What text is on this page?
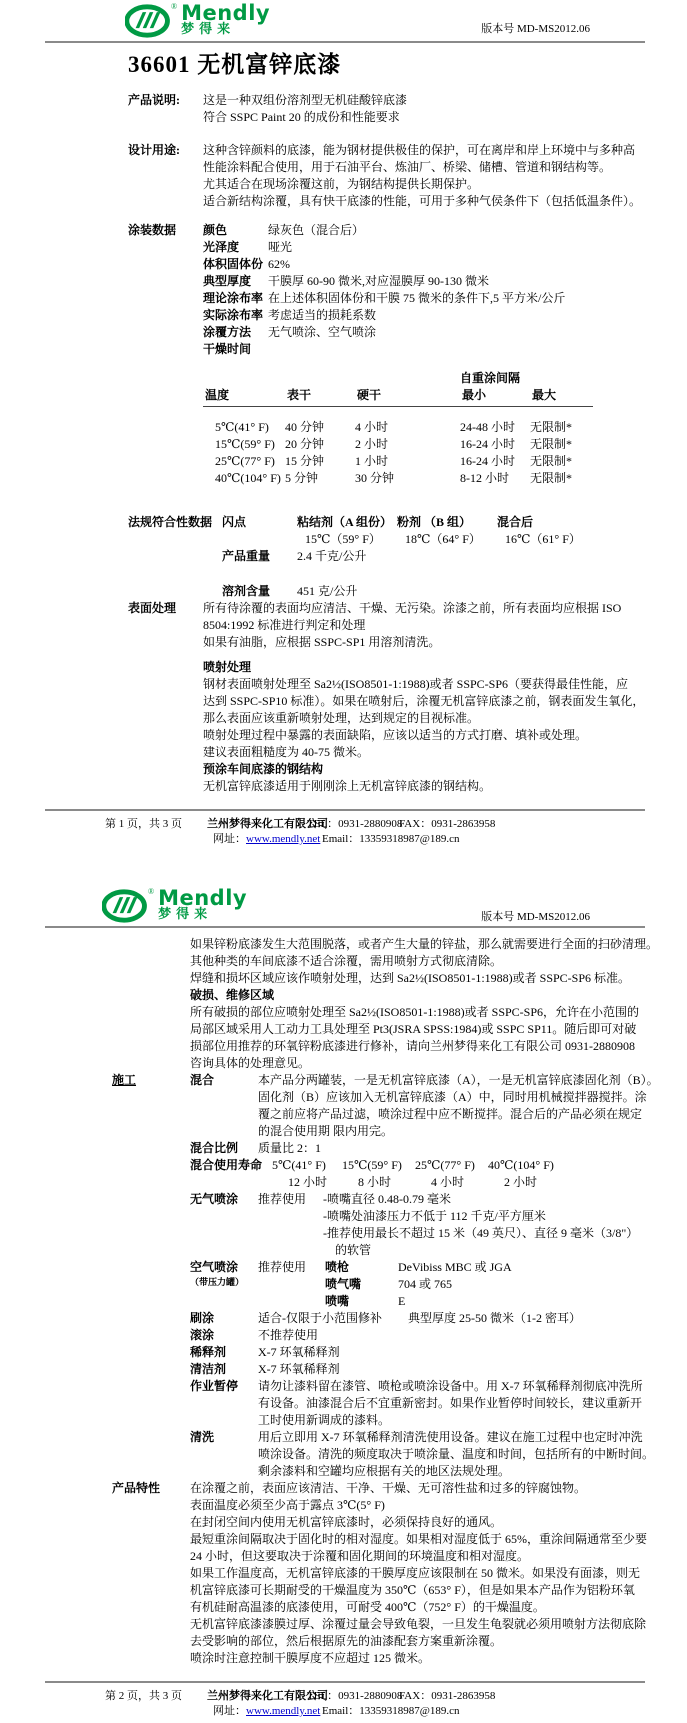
® Mendly
梦得来	版本号 MD-MS2012.06
36601 无机富锌底漆
产品说明:	这是一种双组份溶剂型无机硅酸锌底漆
符合 SSPC Paint 20 的成份和性能要求
设计用途:	这种含锌颜料的底漆，能为钢材提供极佳的保护，可在离岸和岸上环境中与多种高
性能涂料配合使用，用于石油平台、炼油厂、桥梁、储槽、管道和钢结构等。
尤其适合在现场涂覆这前，为钢结构提供长期保护。
适合新结构涂覆，具有快干底漆的性能，可用于多种气侯条件下（包括低温条件）。
涂装数据	颜色	绿灰色（混合后）
光泽度	哑光
体积固体份 62%
典型厚度	干膜厚 60-90 微米,对应湿膜厚 90-130 微米
理论涂布率 在上述体积固体份和干膜 75 微米的条件下,5 平方米/公斤
实际涂布率 考虑适当的损耗系数
涂覆方法	无气喷涂、空气喷涂
干燥时间
自重涂间隔
温度	表干	硬干	最小	最大
5℃(41° F)	40 分钟	4 小时	24-48 小时	无限制*
15℃(59° F) 20 分钟	2 小时	16-24 小时	无限制*
25℃(77° F) 15 分钟	1 小时	16-24 小时	无限制*
40℃(104° F) 5 分钟	30 分钟	8-12 小时	无限制*
法规符合性数据 闪点	粘结剂（A 组份） 粉剂 （B 组）	混合后
15℃（59° F）	18℃（64° F）	16℃（61° F）
产品重量	2.4 千克/公升
溶剂含量	451 克/公升
表面处理	所有待涂覆的表面均应清洁、干燥、无污染。涂漆之前，所有表面均应根据 ISO
8504:1992 标准进行判定和处理
如果有油脂，应根据 SSPC-SP1 用溶剂清洗。
喷射处理
钢材表面喷射处理至 Sa2½(ISO8501-1:1988)或者 SSPC-SP6（要获得最佳性能，应
达到 SSPC-SP10 标准）。如果在喷射后，涂覆无机富锌底漆之前，钢表面发生氧化，
那么表面应该重新喷射处理，达到规定的目视标准。
喷射处理过程中暴露的表面缺陷，应该以适当的方式打磨、填补或处理。
建议表面粗糙度为 40-75 微米。
预涂车间底漆的钢结构
无机富锌底漆适用于刚刚涂上无机富锌底漆的钢结构。
第 1 页，共 3 页 兰州梦得来化工有限公司
TEL：0931-2880908
FAX：0931-2863958
网址：www.mendly.net Email：13359318987@189.cn
® Mendly
梦得来	版本号 MD-MS2012.06
如果锌粉底漆发生大范围脱落，或者产生大量的锌盐，那么就需要进行全面的扫砂清理。
其他种类的车间底漆不适合涂覆，需用喷射方式彻底清除。
焊缝和损坏区域应该作喷射处理，达到 Sa2½(ISO8501-1:1988)或者 SSPC-SP6 标准。
破损、维修区域
所有破损的部位应喷射处理至 Sa2½(ISO8501-1:1988)或者 SSPC-SP6，允许在小范围的
局部区域采用人工动力工具处理至 Pt3(JSRA SPSS:1984)或 SSPC SP11。随后即可对破
损部位用推荐的环氧锌粉底漆进行修补，请向兰州梦得来化工有限公司 0931-2880908
咨询具体的处理意见。
施工	混合	本产品分两罐装，一是无机富锌底漆（A），一是无机富锌底漆固化剂（B）。
固化剂（B）应该加入无机富锌底漆（A）中，同时用机械搅拌器搅拌。涂
覆之前应将产品过滤，喷涂过程中应不断搅拌。混合后的产品必须在规定
的混合使用期 限内用完。
混合比例	质量比 2：1
混合使用寿命 5℃(41° F)	15℃(59° F)	25℃(77° F)	40℃(104° F)
12 小时	8 小时	4 小时	2 小时
无气喷涂	推荐使用	-喷嘴直径 0.48-0.79 毫米
-喷嘴处油漆压力不低于 112 千克/平方厘米
-推荐使用最长不超过 15 米（49 英尺）、直径 9 毫米（3/8"）
　的软管
空气喷涂
（带压力罐）
推荐使用	喷枪	DeVibiss MBC 或 JGA
喷气嘴	704 或 765
喷嘴	E
刷涂	适合-仅限于小范围修补 典型厚度 25-50 微米（1-2 密耳）
滚涂	不推荐使用
稀释剂	X-7 环氧稀释剂
清洁剂	X-7 环氧稀释剂
作业暂停	请勿让漆料留在漆管、喷枪或喷涂设备中。用 X-7 环氧稀释剂彻底冲洗所
有设备。油漆混合后不宜重新密封。如果作业暂停时间较长，建议重新开
工时使用新调成的漆料。
清洗	用后立即用 X-7 环氧稀释剂清洗使用设备。建议在施工过程中也定时冲洗
喷涂设备。清洗的频度取决于喷涂量、温度和时间，包括所有的中断时间。
剩余漆料和空罐均应根据有关的地区法规处理。
产品特性	在涂覆之前，表面应该清洁、干净、干燥、无可溶性盐和过多的锌腐蚀物。
表面温度必须至少高于露点 3℃(5° F)
在封闭空间内使用无机富锌底漆时，必须保持良好的通风。
最短重涂间隔取决于固化时的相对湿度。如果相对湿度低于 65%，重涂间隔通常至少要
24 小时，但这要取决于涂覆和固化期间的环境温度和相对湿度。
如果工作温度高，无机富锌底漆的干膜厚度应该限制在 50 微米。如果没有面漆，则无
机富锌底漆可长期耐受的干燥温度为 350℃（653° F），但是如果本产品作为铝粉环氧
有机硅耐高温漆的底漆使用，可耐受 400℃（752° F）的干燥温度。
无机富锌底漆漆膜过厚、涂覆过量会导致龟裂，一旦发生龟裂就必须用喷射方法彻底除
去受影响的部位，然后根据原先的油漆配套方案重新涂覆。
喷涂时注意控制干膜厚度不应超过 125 微米。
第 2 页，共 3 页 兰州梦得来化工有限公司
TEL：0931-2880908
FAX：0931-2863958
网址：www.mendly.net Email：13359318987@189.cn
